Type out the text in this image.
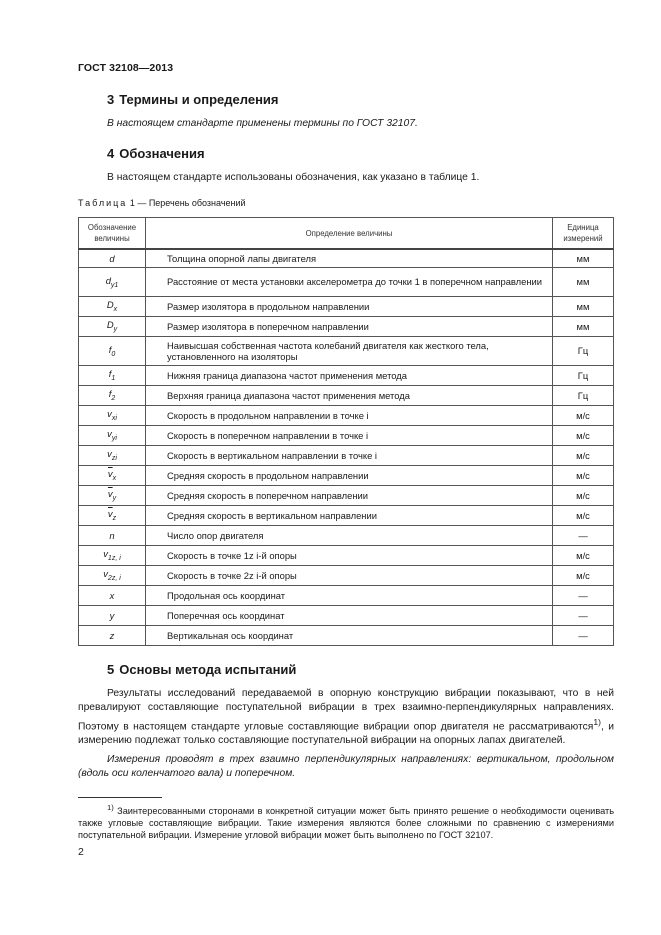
ГОСТ 32108—2013
3 Термины и определения
В настоящем стандарте применены термины по ГОСТ 32107.
4 Обозначения
В настоящем стандарте использованы обозначения, как указано в таблице 1.
Таблица 1 — Перечень обозначений
Обозначение величины	Определение величины	Единица измерений
d	Толщина опорной лапы двигателя	мм
$d_{y1}$	Расстояние от места установки акселерометра до точки 1 в поперечном направлении	мм
$D_x$	Размер изолятора в продольном направлении	мм
$D_y$	Размер изолятора в поперечном направлении	мм
$f_0$	Наивысшая собственная частота колебаний двигателя как жесткого тела, установленного на изоляторы	Гц
$f_1$	Нижняя граница диапазона частот применения метода	Гц
$f_2$	Верхняя граница диапазона частот применения метода	Гц
$v_{xi}$	Скорость в продольном направлении в точке i	м/с
$v_{yi}$	Скорость в поперечном направлении в точке i	м/с
$v_{zi}$	Скорость в вертикальном направлении в точке i	м/с
$\overline{v}_x$	Средняя скорость в продольном направлении	м/с
$\overline{v}_y$	Средняя скорость в поперечном направлении	м/с
$\overline{v}_z$	Средняя скорость в вертикальном направлении	м/с
n	Число опор двигателя	—
$v_{1z, i}$	Скорость в точке 1z i-й опоры	м/с
$v_{2z, i}$	Скорость в точке 2z i-й опоры	м/с
x	Продольная ось координат	—
y	Поперечная ось координат	—
z	Вертикальная ось координат	—
5 Основы метода испытаний
Результаты исследований передаваемой в опорную конструкцию вибрации показывают, что в ней превалируют составляющие поступательной вибрации в трех взаимно-перпендикулярных направлениях. Поэтому в настоящем стандарте угловые составляющие вибрации опор двигателя не рассматриваются$^{1)}$, и измерению подлежат только составляющие поступательной вибрации на опорных лапах двигателей.
Измерения проводят в трех взаимно перпендикулярных направлениях: вертикальном, продольном (вдоль оси коленчатого вала) и поперечном.
$^{1)}$ Заинтересованными сторонами в конкретной ситуации может быть принято решение о необходимости оценивать также угловые составляющие вибрации. Такие измерения являются более сложными по сравнению с измерениями поступательной вибрации. Измерение угловой вибрации может быть выполнено по ГОСТ 32107.
2
